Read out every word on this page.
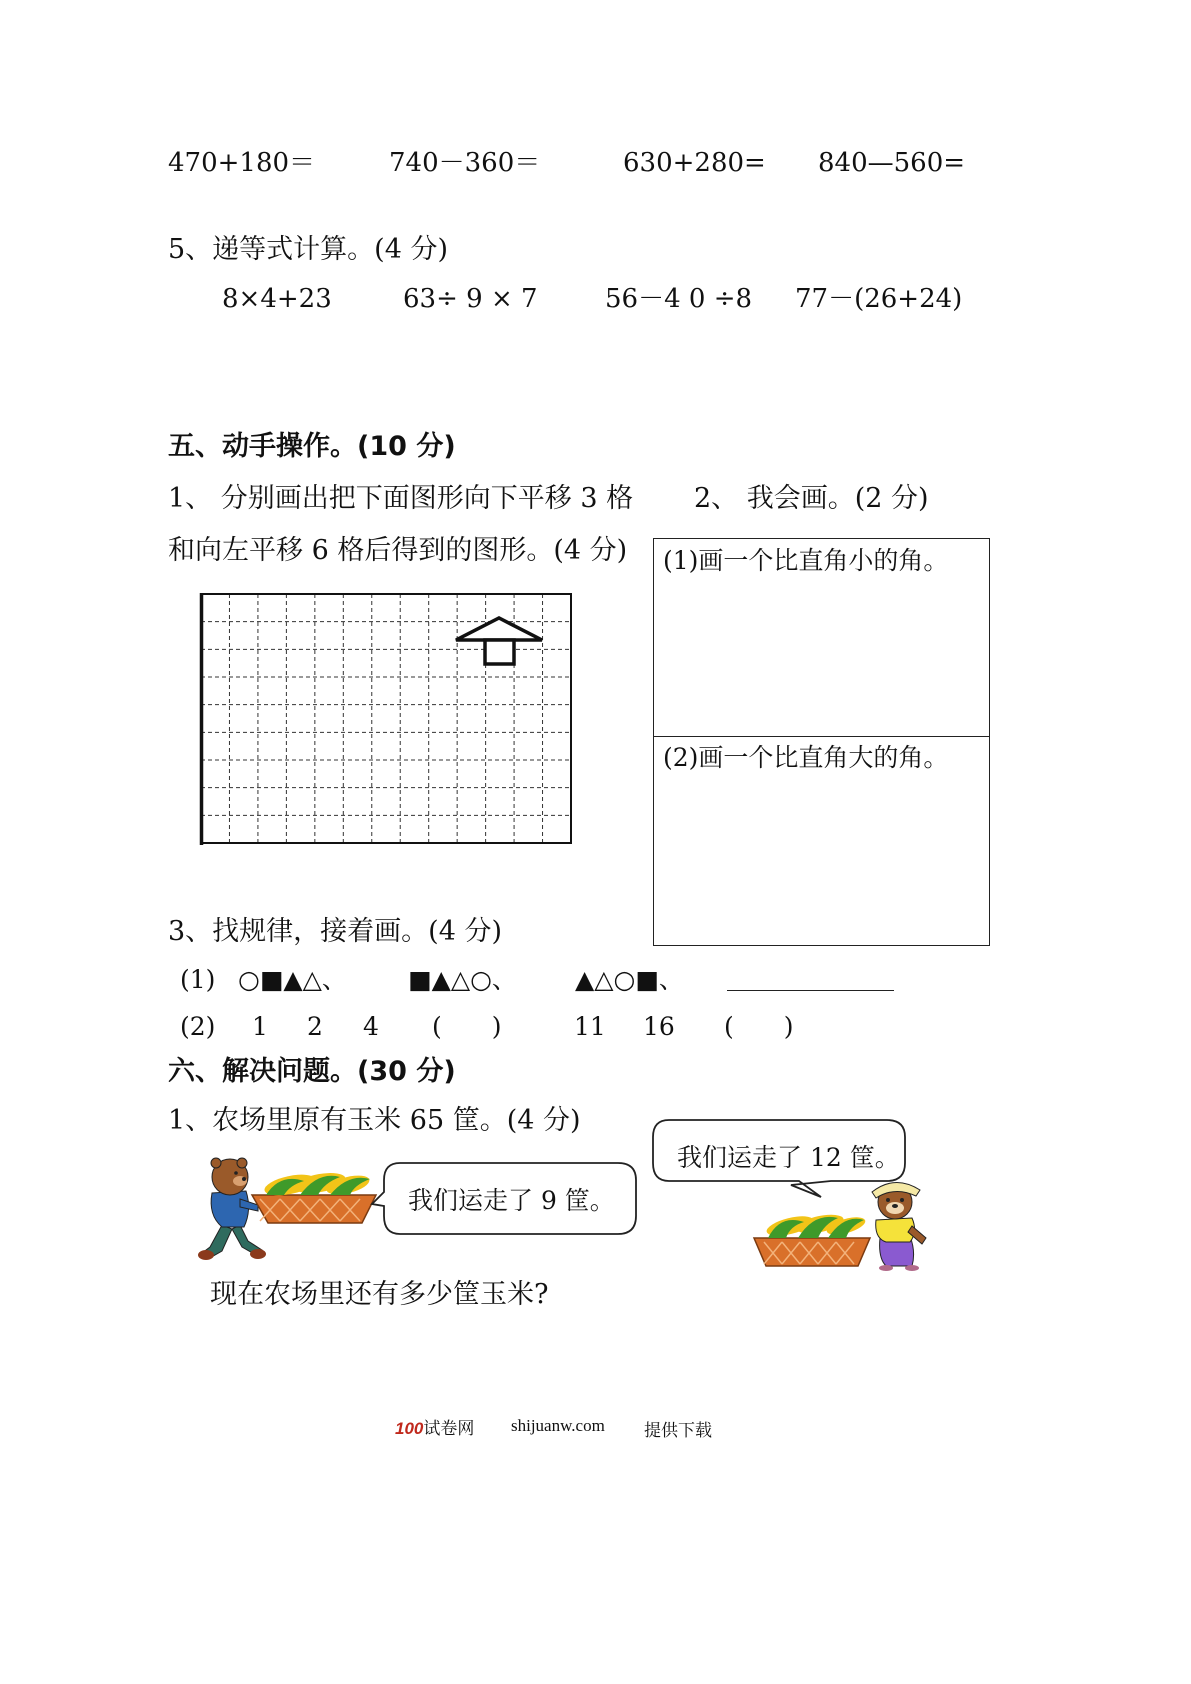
470+180＝	740－360＝	630+280= 840—560=
5、递等式计算。(4 分)
8×4+23	63÷ 9 × 7	56－4 0 ÷8 77－(26+24)
五、动手操作。(10 分)
1、 分别画出把下面图形向下平移 3 格 2、 我会画。(2 分)
和向左平移 6 格后得到的图形。(4 分) (1)画一个比直角小的角。
(2)画一个比直角大的角。
3、找规律，接着画。(4 分)
(1) ○■▲△、 ■▲△○、 ▲△○■、
(2) 1 2 4 (　　)	11 16 (　　)
六、解决问题。(30 分)
1、农场里原有玉米 65 筐。(4 分)
我们运走了 9 筐。
我们运走了 12 筐。
现在农场里还有多少筐玉米?
100试卷网 shijuanw.com 提供下载
